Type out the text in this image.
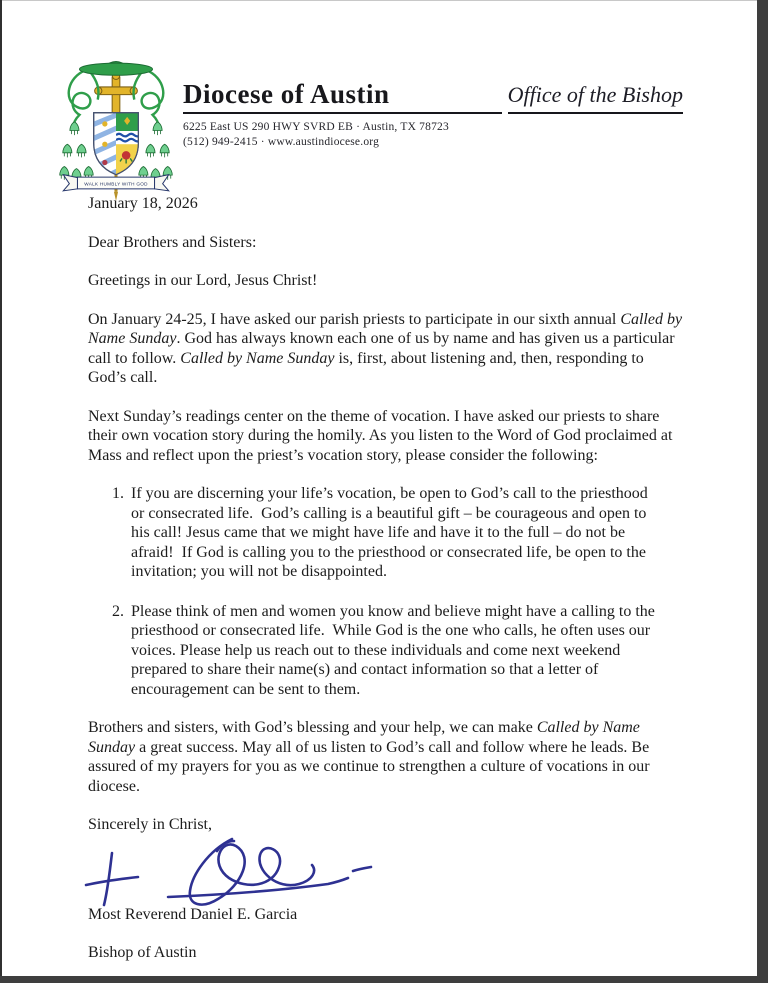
WALK HUMBLY WITH GOD
Diocese of Austin	Office of the Bishop
6225 East US 290 HWY SVRD EB · Austin, TX 78723
(512) 949-2415 · www.austindiocese.org

January 18, 2026

Dear Brothers and Sisters:

Greetings in our Lord, Jesus Christ!

On January 24-25, I have asked our parish priests to participate in our sixth annual Called by Name Sunday. God has always known each one of us by name and has given us a particular call to follow. Called by Name Sunday is, first, about listening and, then, responding to God’s call.

Next Sunday’s readings center on the theme of vocation. I have asked our priests to share their own vocation story during the homily. As you listen to the Word of God proclaimed at Mass and reflect upon the priest’s vocation story, please consider the following:

1. If you are discerning your life’s vocation, be open to God’s call to the priesthood or consecrated life.  God’s calling is a beautiful gift – be courageous and open to his call! Jesus came that we might have life and have it to the full – do not be afraid!  If God is calling you to the priesthood or consecrated life, be open to the invitation; you will not be disappointed.
2. Please think of men and women you know and believe might have a calling to the priesthood or consecrated life.  While God is the one who calls, he often uses our voices. Please help us reach out to these individuals and come next weekend prepared to share their name(s) and contact information so that a letter of encouragement can be sent to them.

Brothers and sisters, with God’s blessing and your help, we can make Called by Name Sunday a great success. May all of us listen to God’s call and follow where he leads. Be assured of my prayers for you as we continue to strengthen a culture of vocations in our diocese.

Sincerely in Christ,

Most Reverend Daniel E. Garcia

Bishop of Austin
